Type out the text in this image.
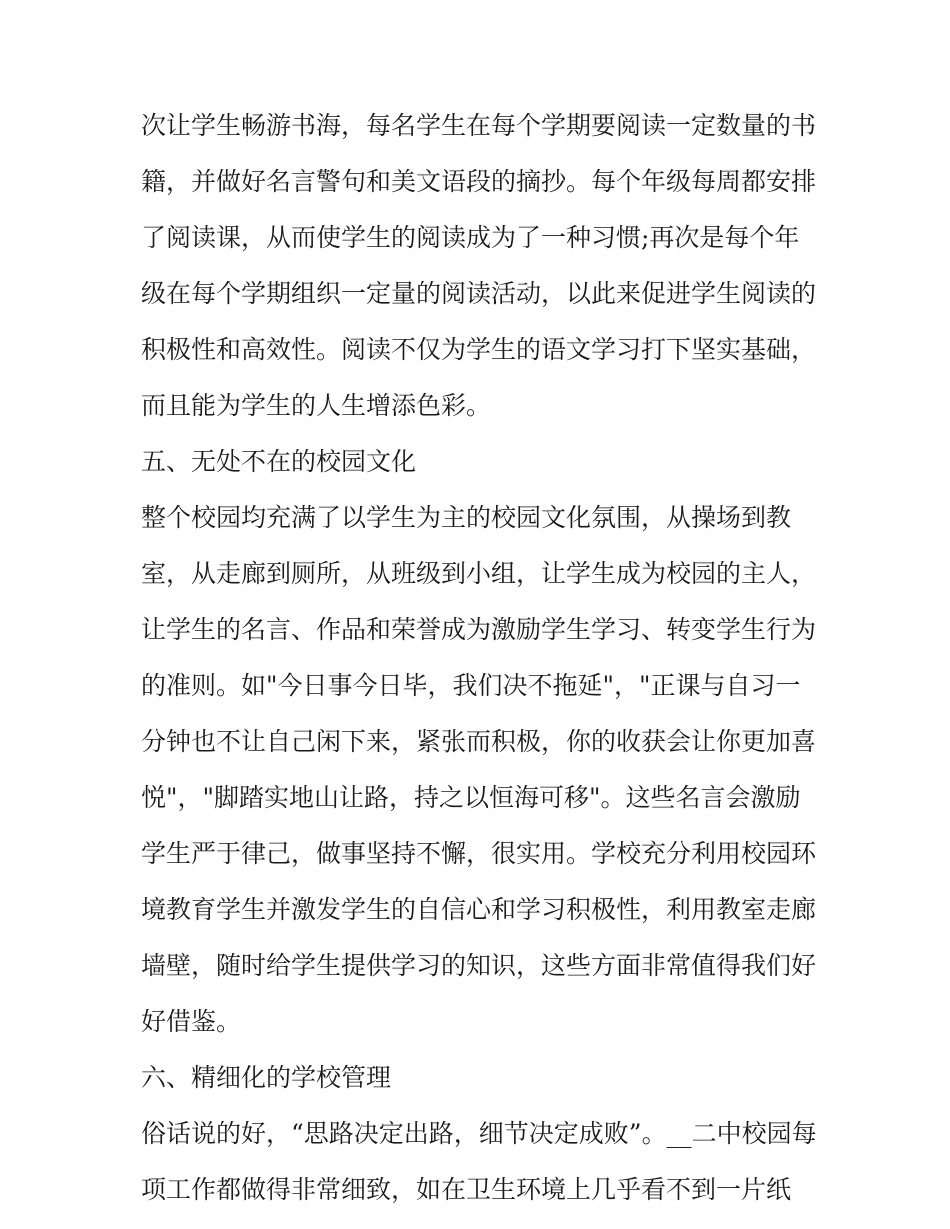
次让学生畅游书海，每名学生在每个学期要阅读一定数量的书
籍，并做好名言警句和美文语段的摘抄。每个年级每周都安排
了阅读课，从而使学生的阅读成为了一种习惯;再次是每个年
级在每个学期组织一定量的阅读活动，以此来促进学生阅读的
积极性和高效性。阅读不仅为学生的语文学习打下坚实基础，
而且能为学生的人生增添色彩。
五、无处不在的校园文化
整个校园均充满了以学生为主的校园文化氛围，从操场到教
室，从走廊到厕所，从班级到小组，让学生成为校园的主人，
让学生的名言、作品和荣誉成为激励学生学习、转变学生行为
的准则。如"今日事今日毕，我们决不拖延"，"正课与自习一
分钟也不让自己闲下来，紧张而积极，你的收获会让你更加喜
悦"，"脚踏实地山让路，持之以恒海可移"。这些名言会激励
学生严于律己，做事坚持不懈，很实用。学校充分利用校园环
境教育学生并激发学生的自信心和学习积极性，利用教室走廊
墙壁，随时给学生提供学习的知识，这些方面非常值得我们好
好借鉴。
六、精细化的学校管理
俗话说的好，“思路决定出路，细节决定成败”。__二中校园每
项工作都做得非常细致，如在卫生环境上几乎看不到一片纸
